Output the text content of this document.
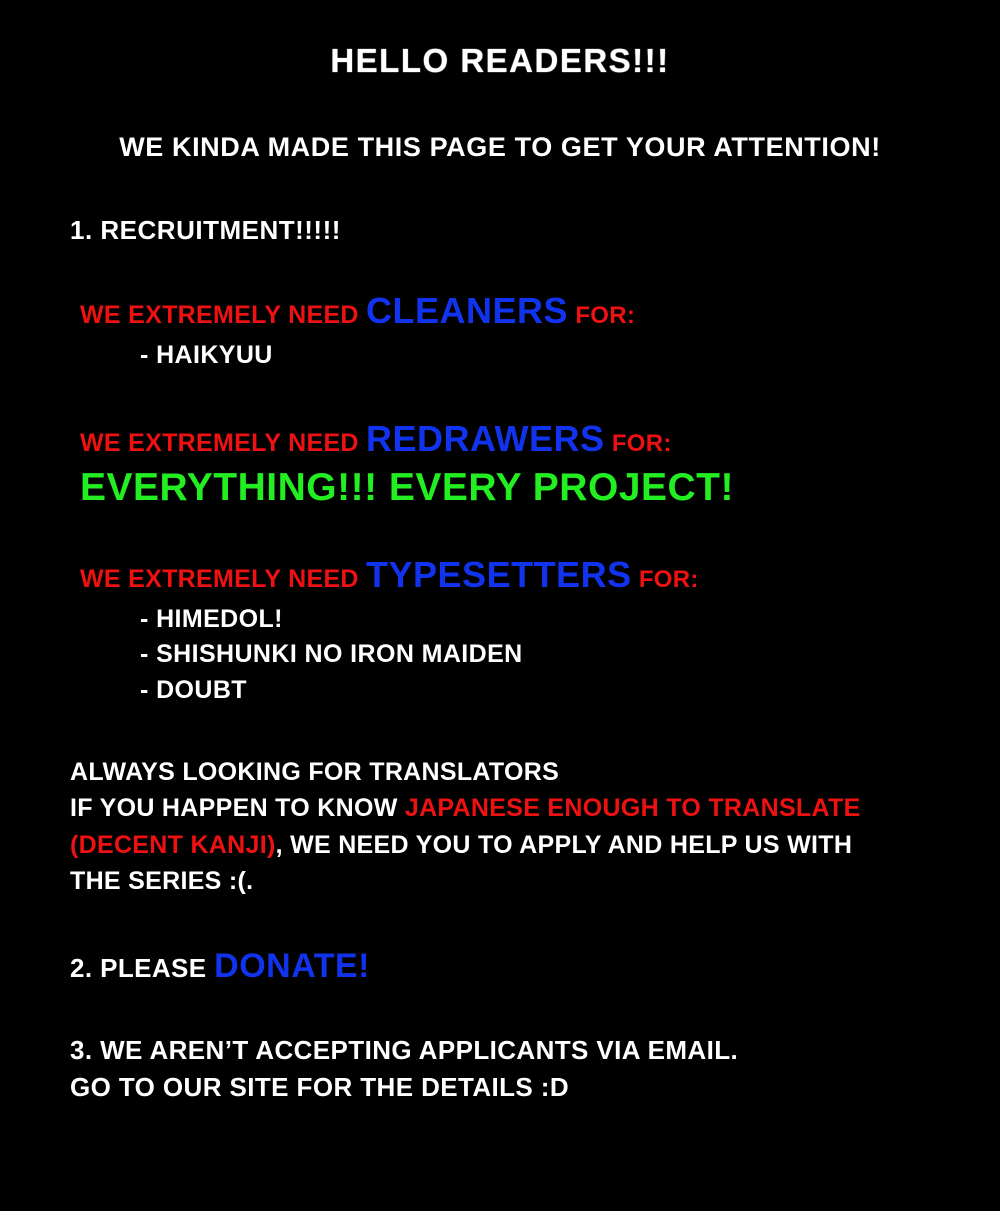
HELLO READERS!!!
WE KINDA MADE THIS PAGE TO GET YOUR ATTENTION!
1. RECRUITMENT!!!!!
WE EXTREMELY NEED CLEANERS FOR:
- HAIKYUU
WE EXTREMELY NEED REDRAWERS FOR:
EVERYTHING!!! EVERY PROJECT!
WE EXTREMELY NEED TYPESETTERS FOR:
- HIMEDOL!
- SHISHUNKI NO IRON MAIDEN
- DOUBT
ALWAYS LOOKING FOR TRANSLATORS
IF YOU HAPPEN TO KNOW JAPANESE ENOUGH TO TRANSLATE
(DECENT KANJI), WE NEED YOU TO APPLY AND HELP US WITH
THE SERIES :(.
2. PLEASE DONATE!
3. WE AREN’T ACCEPTING APPLICANTS VIA EMAIL.
GO TO OUR SITE FOR THE DETAILS :D
